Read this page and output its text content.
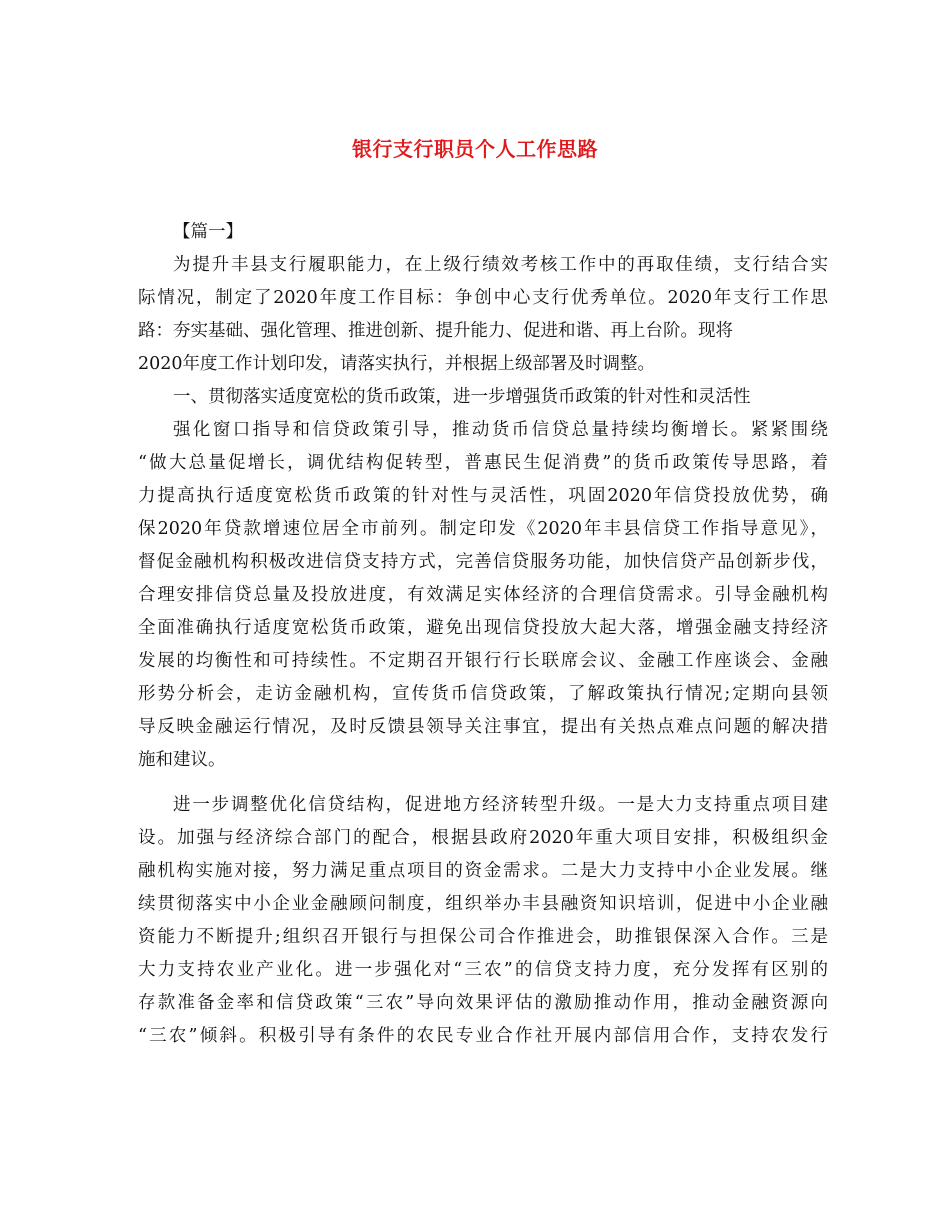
银行支行职员个人工作思路
【篇一】
为提升丰县支行履职能力，在上级行绩效考核工作中的再取佳绩，支行结合实
际情况，制定了2020年度工作目标：争创中心支行优秀单位。2020年支行工作思
路：夯实基础、强化管理、推进创新、提升能力、促进和谐、再上台阶。现将
2020年度工作计划印发，请落实执行，并根据上级部署及时调整。
一、贯彻落实适度宽松的货币政策，进一步增强货币政策的针对性和灵活性
强化窗口指导和信贷政策引导，推动货币信贷总量持续均衡增长。紧紧围绕
“做大总量促增长，调优结构促转型，普惠民生促消费”的货币政策传导思路，着
力提高执行适度宽松货币政策的针对性与灵活性，巩固2020年信贷投放优势，确
保2020年贷款增速位居全市前列。制定印发《2020年丰县信贷工作指导意见》，
督促金融机构积极改进信贷支持方式，完善信贷服务功能，加快信贷产品创新步伐，
合理安排信贷总量及投放进度，有效满足实体经济的合理信贷需求。引导金融机构
全面准确执行适度宽松货币政策，避免出现信贷投放大起大落，增强金融支持经济
发展的均衡性和可持续性。不定期召开银行行长联席会议、金融工作座谈会、金融
形势分析会，走访金融机构，宣传货币信贷政策，了解政策执行情况;定期向县领
导反映金融运行情况，及时反馈县领导关注事宜，提出有关热点难点问题的解决措
施和建议。
进一步调整优化信贷结构，促进地方经济转型升级。一是大力支持重点项目建
设。加强与经济综合部门的配合，根据县政府2020年重大项目安排，积极组织金
融机构实施对接，努力满足重点项目的资金需求。二是大力支持中小企业发展。继
续贯彻落实中小企业金融顾问制度，组织举办丰县融资知识培训，促进中小企业融
资能力不断提升;组织召开银行与担保公司合作推进会，助推银保深入合作。三是
大力支持农业产业化。进一步强化对“三农”的信贷支持力度，充分发挥有区别的
存款准备金率和信贷政策“三农”导向效果评估的激励推动作用，推动金融资源向
“三农”倾斜。积极引导有条件的农民专业合作社开展内部信用合作，支持农发行
